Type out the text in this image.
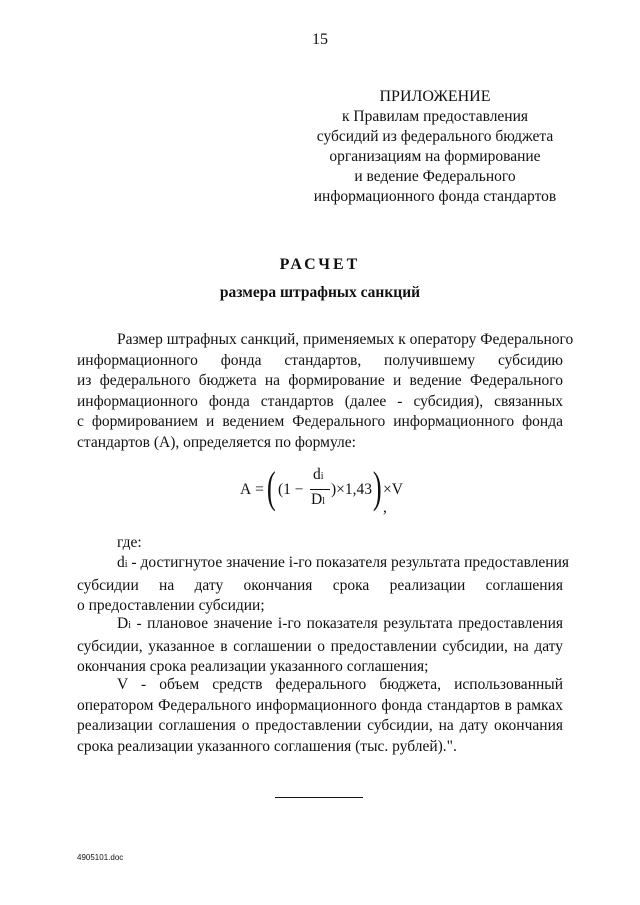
15
ПРИЛОЖЕНИЕ
к Правилам предоставления
субсидий из федерального бюджета
организациям на формирование
и ведение Федерального
информационного фонда стандартов
РАСЧЕТ
размера штрафных санкций
Размер штрафных санкций, применяемых к оператору Федерального
информационного фонда стандартов, получившему субсидию
из федерального бюджета на формирование и ведение Федерального
информационного фонда стандартов (далее - субсидия), связанных
с формированием и ведением Федерального информационного фонда
стандартов (А), определяется по формуле:
А = ( (1 −
di
Dl
)×1,43 ) ×V ,
где:
di - достигнутое значение i-го показателя результата предоставления
субсидии на дату окончания срока реализации соглашения
о предоставлении субсидии;
Di - плановое значение i-го показателя результата предоставления
субсидии, указанное в соглашении о предоставлении субсидии, на дату
окончания срока реализации указанного соглашения;
V - объем средств федерального бюджета, использованный
оператором Федерального информационного фонда стандартов в рамках
реализации соглашения о предоставлении субсидии, на дату окончания
срока реализации указанного соглашения (тыс. рублей).".
4905101.doc
